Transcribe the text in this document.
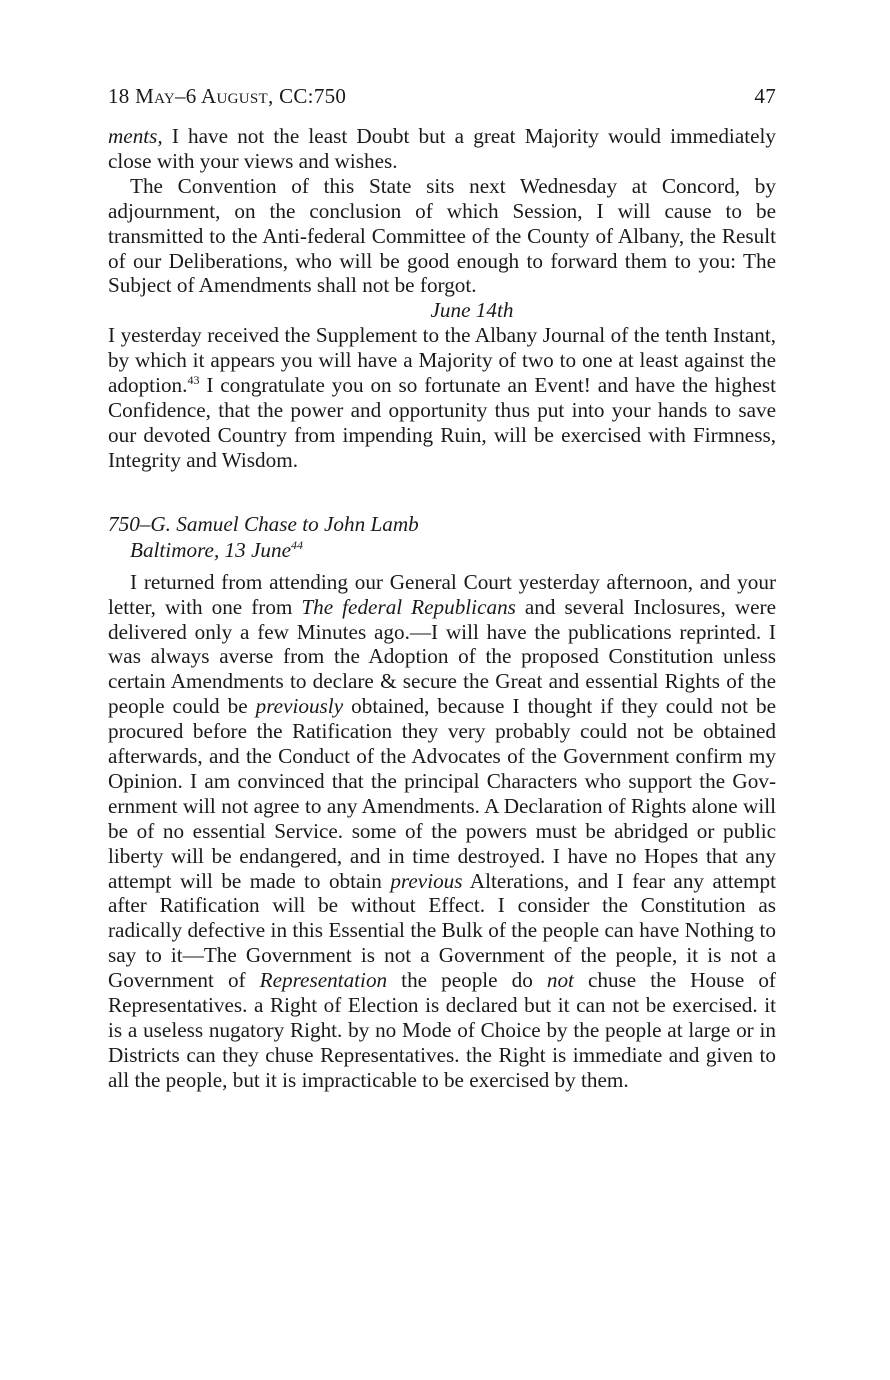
18 May–6 August, CC:750	47

ments, I have not the least Doubt but a great Majority would immediately close with your views and wishes.

The Convention of this State sits next Wednesday at Concord, by adjournment, on the conclusion of which Session, I will cause to be transmitted to the Anti-federal Committee of the County of Albany, the Result of our Deliberations, who will be good enough to forward them to you: The Subject of Amendments shall not be forgot.

June 14th

I yesterday received the Supplement to the Albany Journal of the tenth Instant, by which it appears you will have a Majority of two to one at least against the adoption.$^{43}$ I congratulate you on so fortunate an Event! and have the highest Confidence, that the power and opportunity thus put into your hands to save our devoted Country from impending Ruin, will be exercised with Firmness, Integrity and Wisdom.

750–G. Samuel Chase to John Lamb
Baltimore, 13 June$^{44}$

I returned from attending our General Court yesterday afternoon, and your letter, with one from The federal Republicans and several Inclosures, were delivered only a few Minutes ago.—I will have the publications reprinted. I was always averse from the Adoption of the proposed Constitution unless certain Amendments to declare & secure the Great and essential Rights of the people could be previously obtained, because I thought if they could not be procured before the Ratification they very probably could not be obtained afterwards, and the Conduct of the Advocates of the Government confirm my Opinion. I am convinced that the principal Characters who support the Government will not agree to any Amendments. A Declaration of Rights alone will be of no essential Service. some of the powers must be abridged or public liberty will be endangered, and in time destroyed. I have no Hopes that any attempt will be made to obtain previous Alterations, and I fear any attempt after Ratification will be without Effect. I consider the Constitution as radically defective in this Essential the Bulk of the people can have Nothing to say to it—The Government is not a Government of the people, it is not a Government of Representation the people do not chuse the House of Representatives. a Right of Election is declared but it can not be exercised. it is a useless nugatory Right. by no Mode of Choice by the people at large or in Districts can they chuse Representatives. the Right is immediate and given to all the people, but it is impracticable to be exercised by them.
